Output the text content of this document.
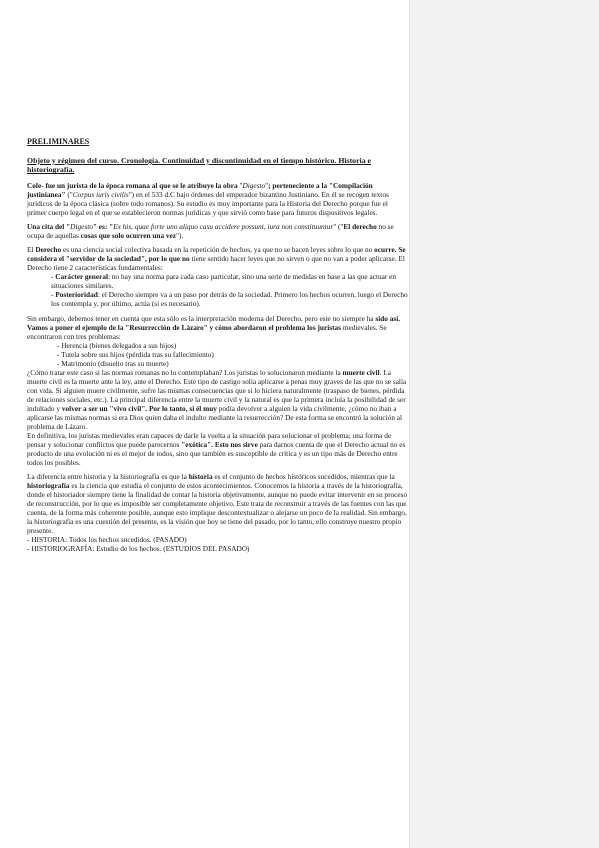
PRELIMINARES
Objeto y régimen del curso. Cronología. Continuidad y discontinuidad en el tiempo histórico. Historia e historiografía.

Cole- fue un jurista de la época romana al que se le atribuye la obra "Digesto"; perteneciente a la "Compilación justinianea" ("Corpus iuris civilis") en el 533 d.C bajo órdenes del emperador bizantino Justiniano. En él se recogen textos jurídicos de la época clásica (sobre todo romanos). Su estudio es muy importante para la Historia del Derecho porque fue el primer cuerpo legal en el que se establecieron normas jurídicas y que sirvió como base para futuros dispositivos legales.

Una cita del "Digesto" es: "Ex his, quae forte uno aliquo casu accidere possunt, iura non constituuntur" ("El derecho no se ocupa de aquellas cosas que solo ocurren una vez").

El Derecho es una ciencia social colectiva basada en la repetición de hechos, ya que no se hacen leyes sobre lo que no ocurre. Se considera el "servidor de la sociedad", por lo que no tiene sentido hacer leyes que no sirven o que no van a poder aplicarse. El Derecho tiene 2 características fundamentales:

- Carácter general: no hay una norma para cada caso particular, sino una serie de medidas en base a las que actuar en situaciones similares.

- Posterioridad: el Derecho siempre va a un paso por detrás de la sociedad. Primero los hechos ocurren, luego el Derecho los contempla y, por último, actúa (si es necesario).

Sin embargo, debemos tener en cuenta que esta sólo es la interpretación moderna del Derecho, pero este no siempre ha sido así. Vamos a poner el ejemplo de la "Resurrección de Lázaro" y cómo abordaron el problema los juristas medievales. Se encontraron con tres problemas:

- Herencia (bienes delegados a sus hijos)

- Tutela sobre sus hijos (pérdida tras su fallecimiento)

- Matrimonio (disuelto tras su muerte)

¿Cómo tratar este caso si las normas romanas no lo contemplaban? Los juristas lo solucionaron mediante la muerte civil. La muerte civil es la muerte ante la ley, ante el Derecho. Este tipo de castigo solía aplicarse a penas muy graves de las que no se salía con vida. Si alguien muere civilmente, sufre las mismas consecuencias que si lo hiciera naturalmente (traspaso de bienes, pérdida de relaciones sociales, etc.). La principal diferencia entre la muerte civil y la natural es que la primera incluía la posibilidad de ser indultado y volver a ser un "vivo civil". Por lo tanto, si él muy podía devolver a alguien la vida civilmente, ¿cómo no iban a aplicarse las mismas normas si era Dios quien daba el indulto mediante la resurrección? De esta forma se encontró la solución al problema de Lázaro.

En definitiva, los juristas medievales eran capaces de darle la vuelta a la situación para solucionar el problema; una forma de pensar y solucionar conflictos que puede parecernos "exótica". Esto nos sirve para darnos cuenta de que el Derecho actual no es producto de una evolución ni es el mejor de todos, sino que también es susceptible de crítica y es un tipo más de Derecho entre todos los posibles.

La diferencia entre historia y la historiografía es que la historia es el conjunto de hechos históricos sucedidos, mientras que la historiografía es la ciencia que estudia el conjunto de estos acontecimientos. Conocemos la historia a través de la historiografía, donde el historiador siempre tiene la finalidad de contar la historia objetivamente, aunque no puede evitar intervenir en su proceso de reconstrucción, por lo que es imposible ser completamente objetivo. Este trata de reconstruir a través de las fuentes con las que cuenta, de la forma más coherente posible, aunque esto implique descontextualizar o alejarse un poco de la realidad. Sin embargo, la historiografía es una cuestión del presente, es la visión que hoy se tiene del pasado, por lo tanto, ello construye nuestro propio presente.

- HISTORIA: Todos los hechos sucedidos. (PASADO)

- HISTORIOGRAFÍA: Estudio de los hechos. (ESTUDIOS DEL PASADO)
